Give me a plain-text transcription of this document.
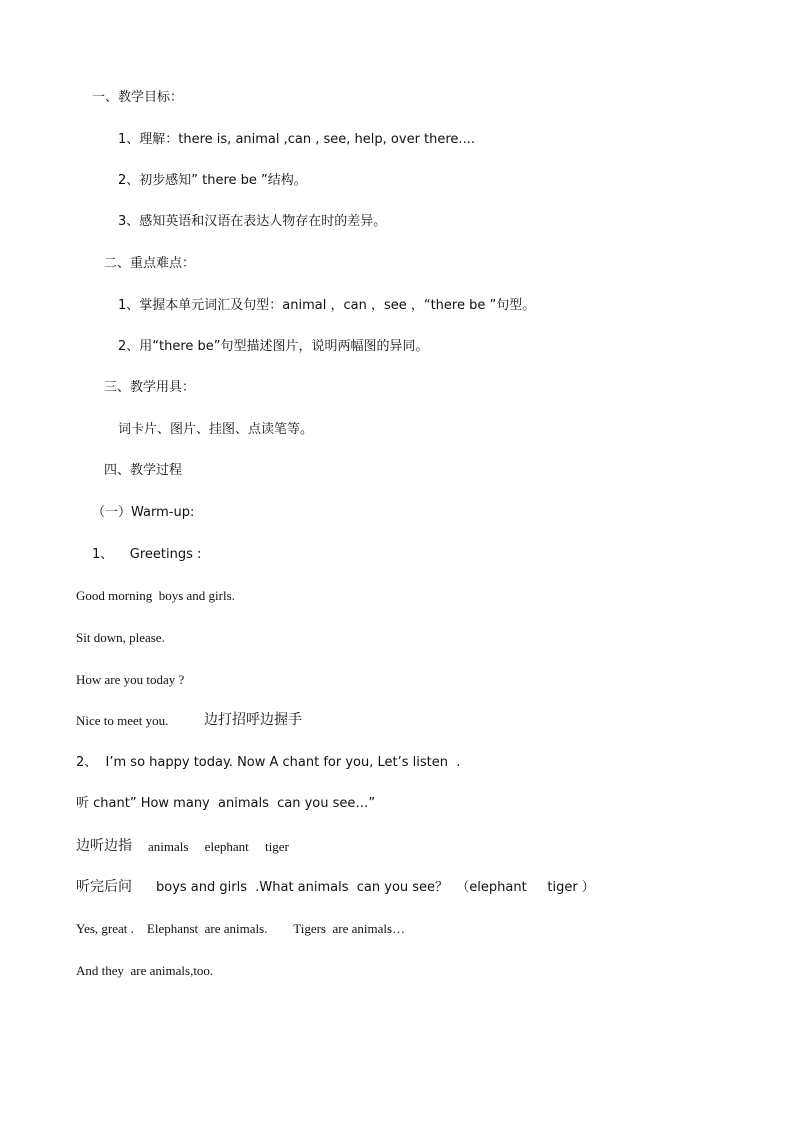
一、教学目标：
1、理解：there is, animal ,can , see, help, over there....
2、初步感知” there be ”结构。
3、感知英语和汉语在表达人物存在时的差异。
二、重点难点：
1、掌握本单元词汇及句型：animal ，can ，see ，“there be ”句型。
2、用“there be”句型描述图片，说明两幅图的异同。
三、教学用具：
词卡片、图片、挂图、点读笔等。
四、教学过程
（一）Warm-up:
1、    Greetings :
Good morning  boys and girls.
Sit down, please.
How are you today ?
Nice to meet you.	边打招呼边握手
2、  I’m so happy today. Now A chant for you, Let’s listen  .
听 chant” How many  animals  can you see…”
边听边指 animals     elephant     tiger
听完后问 boys and girls  .What animals  can you see？  （elephant     tiger ）
Yes, great .    Elephanst  are animals.        Tigers  are animals…
And they  are animals,too.
